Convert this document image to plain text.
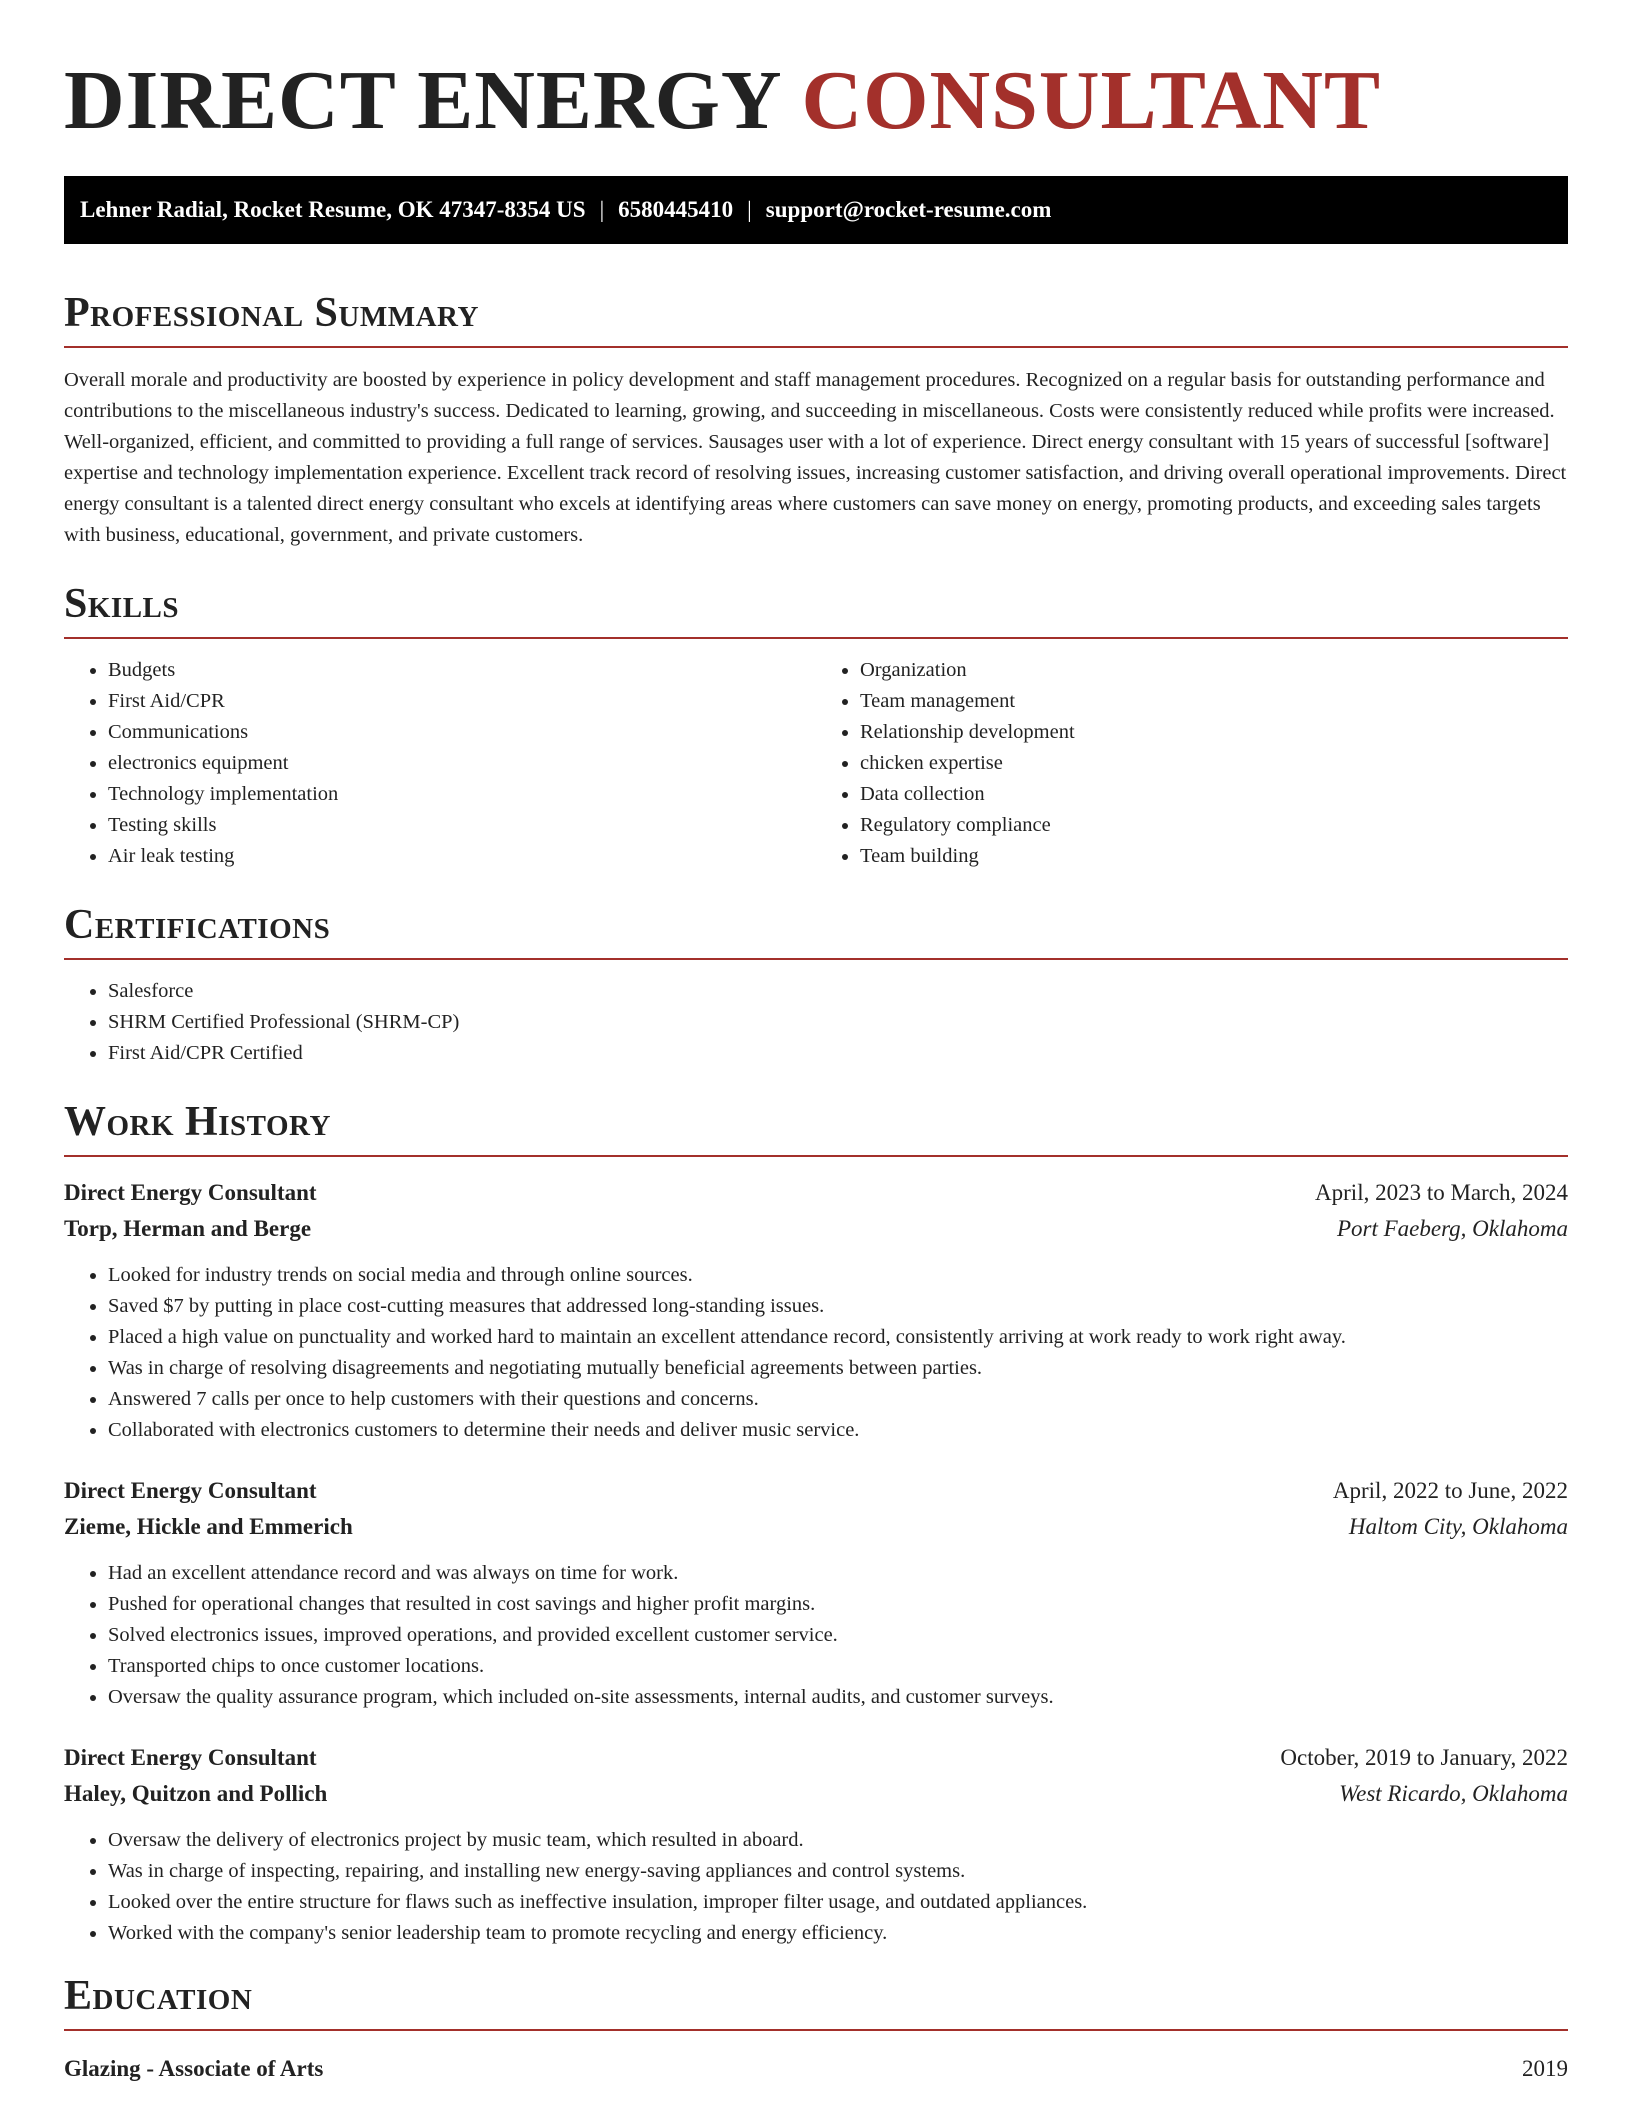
DIRECT ENERGY CONSULTANT
Lehner Radial, Rocket Resume, OK 47347-8354 US | 6580445410 | support@rocket-resume.com
Professional Summary

Overall morale and productivity are boosted by experience in policy development and staff management procedures. Recognized on a regular basis for outstanding performance and contributions to the miscellaneous industry's success. Dedicated to learning, growing, and succeeding in miscellaneous. Costs were consistently reduced while profits were increased. Well-organized, efficient, and committed to providing a full range of services. Sausages user with a lot of experience. Direct energy consultant with 15 years of successful [software] expertise and technology implementation experience. Excellent track record of resolving issues, increasing customer satisfaction, and driving overall operational improvements. Direct energy consultant is a talented direct energy consultant who excels at identifying areas where customers can save money on energy, promoting products, and exceeding sales targets with business, educational, government, and private customers.

Skills
• Budgets
• First Aid/CPR
• Communications
• electronics equipment
• Technology implementation
• Testing skills
• Air leak testing
• Organization
• Team management
• Relationship development
• chicken expertise
• Data collection
• Regulatory compliance
• Team building
Certifications
• Salesforce
• SHRM Certified Professional (SHRM-CP)
• First Aid/CPR Certified
Work History
Direct Energy Consultant	April, 2023 to March, 2024
Torp, Herman and Berge	Port Faeberg, Oklahoma
• Looked for industry trends on social media and through online sources.
• Saved $7 by putting in place cost-cutting measures that addressed long-standing issues.
• Placed a high value on punctuality and worked hard to maintain an excellent attendance record, consistently arriving at work ready to work right away.
• Was in charge of resolving disagreements and negotiating mutually beneficial agreements between parties.
• Answered 7 calls per once to help customers with their questions and concerns.
• Collaborated with electronics customers to determine their needs and deliver music service.
Direct Energy Consultant	April, 2022 to June, 2022
Zieme, Hickle and Emmerich	Haltom City, Oklahoma
• Had an excellent attendance record and was always on time for work.
• Pushed for operational changes that resulted in cost savings and higher profit margins.
• Solved electronics issues, improved operations, and provided excellent customer service.
• Transported chips to once customer locations.
• Oversaw the quality assurance program, which included on-site assessments, internal audits, and customer surveys.
Direct Energy Consultant	October, 2019 to January, 2022
Haley, Quitzon and Pollich	West Ricardo, Oklahoma
• Oversaw the delivery of electronics project by music team, which resulted in aboard.
• Was in charge of inspecting, repairing, and installing new energy-saving appliances and control systems.
• Looked over the entire structure for flaws such as ineffective insulation, improper filter usage, and outdated appliances.
• Worked with the company's senior leadership team to promote recycling and energy efficiency.
Education
Glazing - Associate of Arts	2019
